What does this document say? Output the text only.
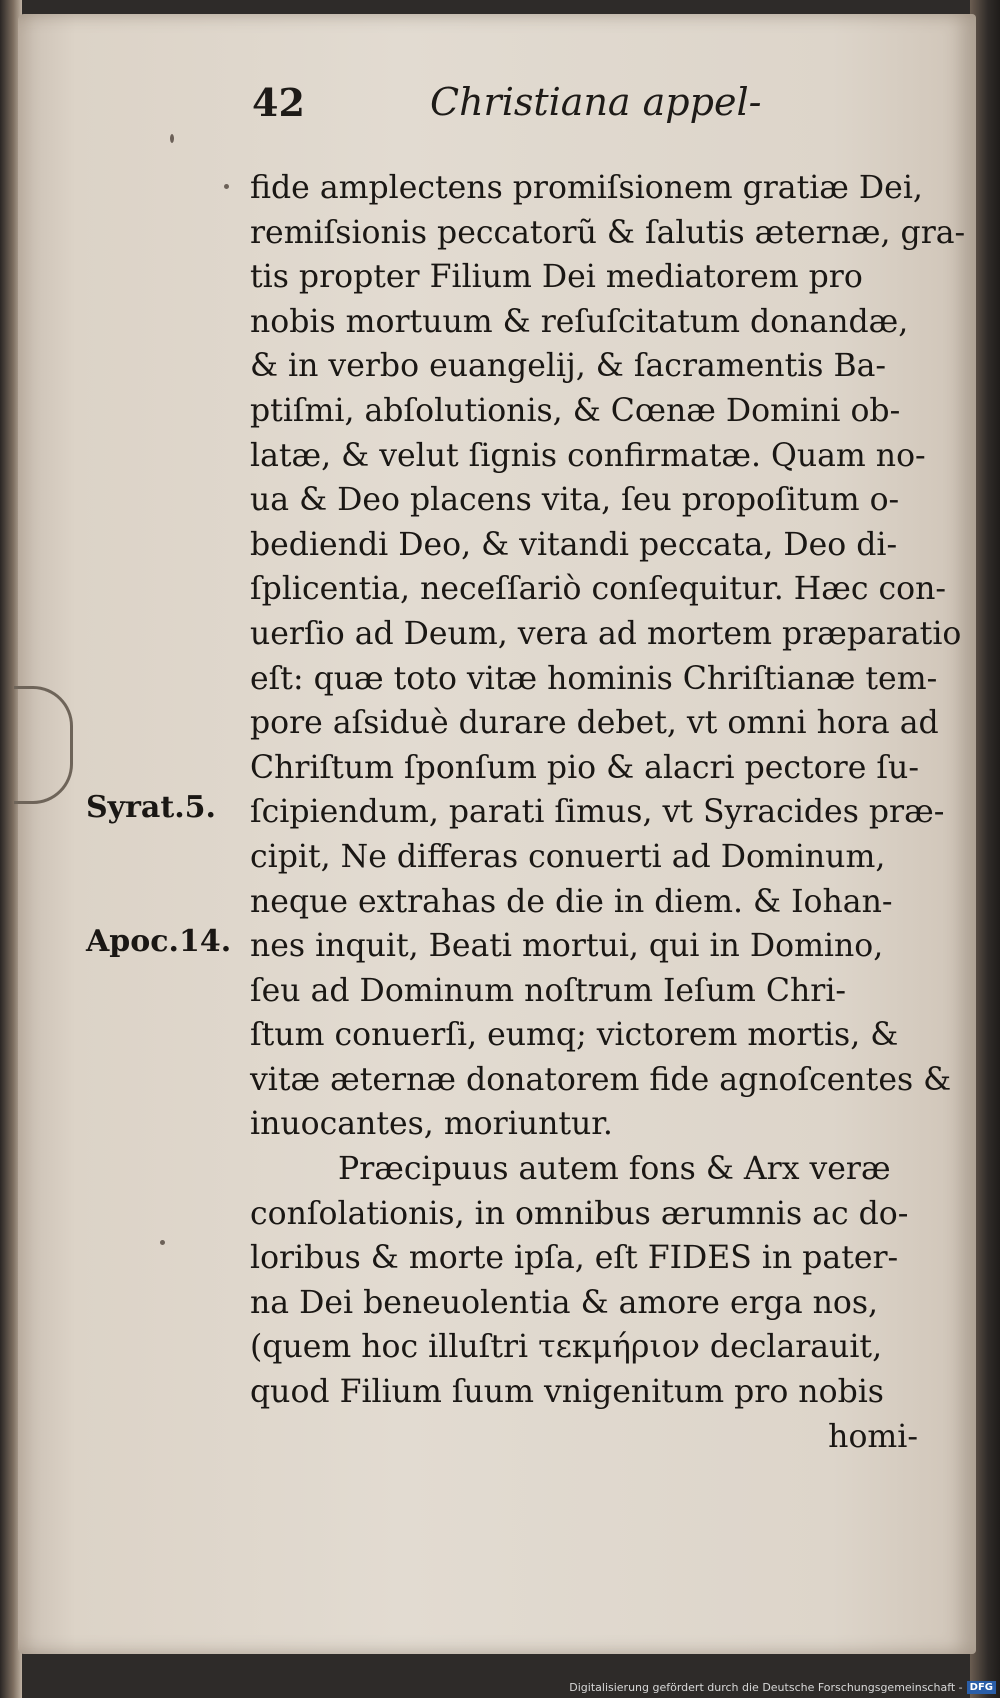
42	Christiana appel-
fide amplectens promiſsionem gratiæ Dei,
remiſsionis peccatorũ & ſalutis æternæ, gra-
tis propter Filium Dei mediatorem pro
nobis mortuum & reſuſcitatum donandæ,
& in verbo euangelij, & ſacramentis Ba-
ptiſmi, abſolutionis, & Cœnæ Domini ob-
latæ, & velut ſignis confirmatæ. Quam no-
ua & Deo placens vita, ſeu propoſitum o-
bediendi Deo, & vitandi peccata, Deo di-
ſplicentia, neceſſariò conſequitur. Hæc con-
uerſio ad Deum, vera ad mortem præparatio
eſt: quæ toto vitæ hominis Chriſtianæ tem-
pore aſsiduè durare debet, vt omni hora ad
Chriſtum ſponſum pio & alacri pectore ſu-
ſcipiendum, parati ſimus, vt Syracides præ-
cipit, Ne differas conuerti ad Dominum,
neque extrahas de die in diem. & Iohan-
nes inquit, Beati mortui, qui in Domino,
ſeu ad Dominum noſtrum Ieſum Chri-
ſtum conuerſi, eumq; victorem mortis, &
vitæ æternæ donatorem fide agnoſcentes &
inuocantes, moriuntur.
Præcipuus autem fons & Arx veræ
conſolationis, in omnibus ærumnis ac do-
loribus & morte ipſa, eſt FIDES in pater-
na Dei beneuolentia & amore erga nos,
(quem hoc illuſtri τεκμήριον declarauit,
quod Filium ſuum vnigenitum pro nobis
homi-
Syrat.5.
Apoc.14.
Digitalisierung gefördert durch die Deutsche Forschungsgemeinschaft - DFG
